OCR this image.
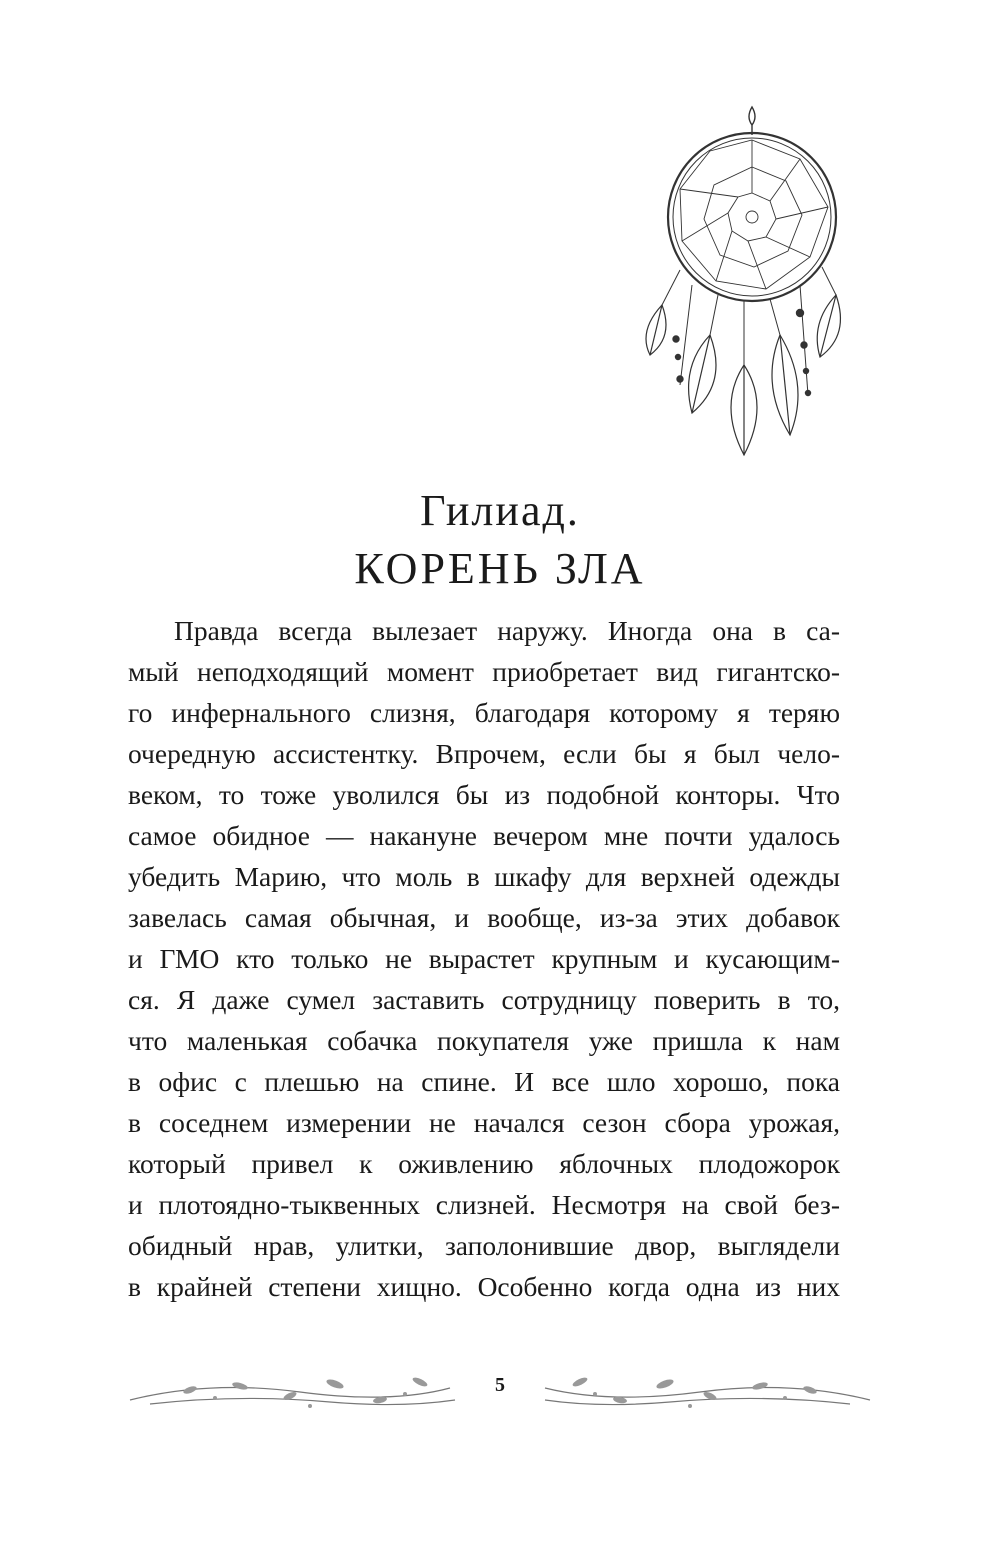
Гилиад.
КОРЕНЬ ЗЛА
Правда всегда вылезает наружу. Иногда она в са-
мый неподходящий момент приобретает вид гигантско-
го инфернального слизня, благодаря которому я теряю
очередную ассистентку. Впрочем, если бы я был чело-
веком, то тоже уволился бы из подобной конторы. Что
самое обидное — накануне вечером мне почти удалось
убедить Марию, что моль в шкафу для верхней одежды
завелась самая обычная, и вообще, из-за этих добавок
и ГМО кто только не вырастет крупным и кусающим-
ся. Я даже сумел заставить сотрудницу поверить в то,
что маленькая собачка покупателя уже пришла к нам
в офис с плешью на спине. И все шло хорошо, пока
в соседнем измерении не начался сезон сбора урожая,
который привел к оживлению яблочных плодожорок
и плотоядно-тыквенных слизней. Несмотря на свой без-
обидный нрав, улитки, заполонившие двор, выглядели
в крайней степени хищно. Особенно когда одна из них
5
